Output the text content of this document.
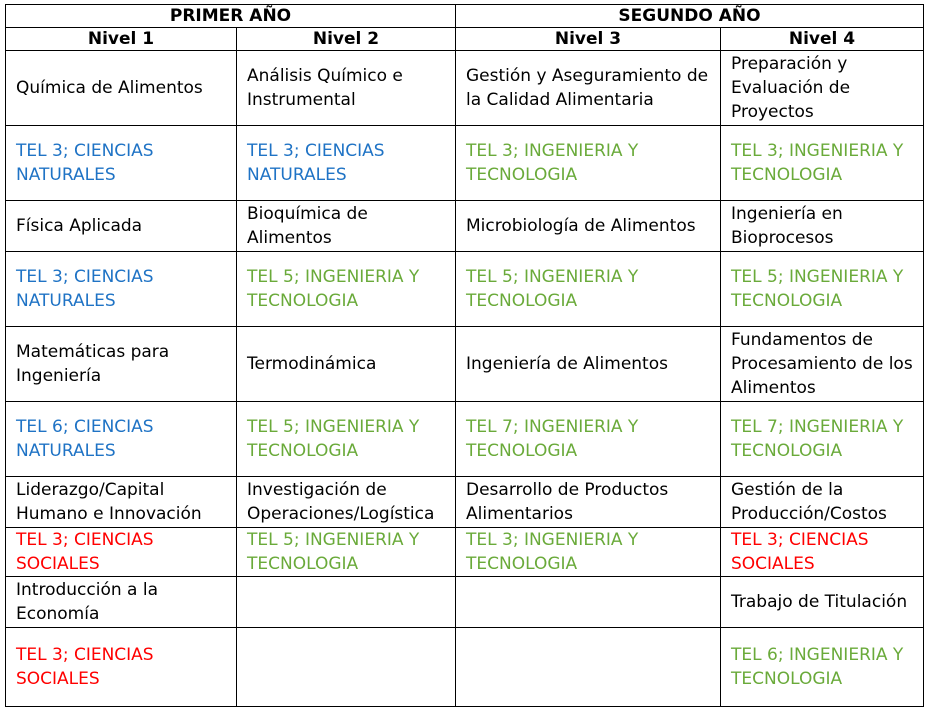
PRIMER AÑO		SEGUNDO AÑO	
Nivel 1	Nivel 2	Nivel 3	Nivel 4
Química de Alimentos	Análisis Químico e Instrumental	Gestión y Aseguramiento de la Calidad Alimentaria	Preparación y Evaluación de Proyectos
TEL 3; CIENCIAS NATURALES	TEL 3; CIENCIAS NATURALES	TEL 3; INGENIERIA Y TECNOLOGIA	TEL 3; INGENIERIA Y TECNOLOGIA
Física Aplicada	Bioquímica de Alimentos	Microbiología de Alimentos	Ingeniería en Bioprocesos
TEL 3; CIENCIAS NATURALES	TEL 5; INGENIERIA Y TECNOLOGIA	TEL 5; INGENIERIA Y TECNOLOGIA	TEL 5; INGENIERIA Y TECNOLOGIA
Matemáticas para Ingeniería	Termodinámica	Ingeniería de Alimentos	Fundamentos de Procesamiento de los Alimentos
TEL 6; CIENCIAS NATURALES	TEL 5; INGENIERIA Y TECNOLOGIA	TEL 7; INGENIERIA Y TECNOLOGIA	TEL 7; INGENIERIA Y TECNOLOGIA
Liderazgo/Capital Humano e Innovación	Investigación de Operaciones/Logística	Desarrollo de Productos Alimentarios	Gestión de la Producción/Costos
TEL 3; CIENCIAS SOCIALES	TEL 5; INGENIERIA Y TECNOLOGIA	TEL 3; INGENIERIA Y TECNOLOGIA	TEL 3; CIENCIAS SOCIALES
Introducción a la Economía			Trabajo de Titulación
TEL 3; CIENCIAS SOCIALES			TEL 6; INGENIERIA Y TECNOLOGIA
